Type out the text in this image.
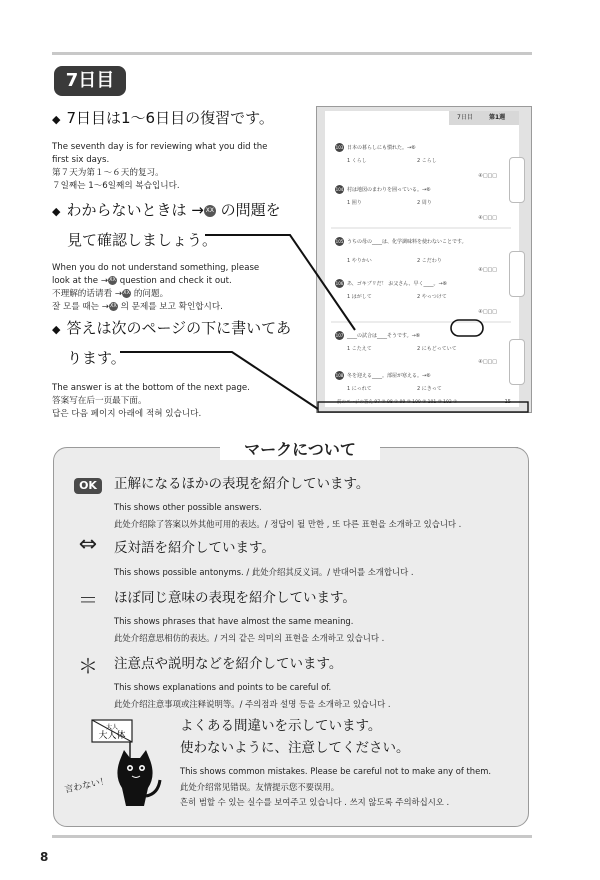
7日目

◆ 7日目は1～6日目の復習です。

The seventh day is for reviewing what you did the

first six days.

第７天为第１～６天的复习。

７일째는 1～6일째의 복습입니다.

◆ わからないときは → XX の問題を

見て確認しましょう。

When you do not understand something, please

look at the →XX question and check it out.

不理解的话请看 →XX 的问题。

잘 모를 때는 →XX 의 문제를 보고 확인합시다.

◆ 答えは次のページの下に書いてあ

ります。

The answer is at the bottom of the next page.

答案写在后一页最下面。

답은 다음 페이지 아래에 적혀 있습니다.

7日目	第1週
103 日本の暮らしにも慣れた。→⑥
1 くらし	2 こらし
④□□□
104 村は地図のまわりを囲っている。→⑥
1 囲り	2 周り
④□□□
105 うちの母の____は、化学調味料を使わないことです。
1 やりかい	2 こだわり
④□□□
106 あ、ゴキブリだ！ お父さん、早く____。→⑥
1 はがして	2 やっつけて
④□□□
107 ____の試合は____そうです。→⑥
1 こたえて	2 にもどっていて
④□□□
108 冬を迎える____。部屋が寒える。→⑥
1 にっれて	2 にきって
前のページの答え 97 ② 98 ① 99 ② 100 ② 101 ② 102 ①	15
OK	正解になるほかの表現を紹介しています。
This shows other possible answers.
此处介绍除了答案以外其他可用的表达。/ 정답이 될 만한 , 또 다른 표현을 소개하고 있습니다 .
⇔	反対語を紹介しています。
This shows possible antonyms. / 此处介绍其反义词。/ 반대어를 소개합니다 .
＝	ほぼ同じ意味の表現を紹介しています。
This shows phrases that have almost the same meaning.
此处介绍意思相仿的表达。/ 거의 같은 의미의 표현을 소개하고 있습니다 .
＊	注意点や説明などを紹介しています。
This shows explanations and points to be careful of.
此处介绍注意事项或注释说明等。/ 주의점과 설명 등을 소개하고 있습니다 .
よくある間違いを示しています。
使わないように、注意してください。
This shows common mistakes. Please be careful not to make any of them.
此处介绍常见错误。友情提示您不要误用。
흔히 범할 수 있는 실수를 보여주고 있습니다 . 쓰지 않도록 주의하십시오 .
マークについて
大人
大人体
言わない！
8
